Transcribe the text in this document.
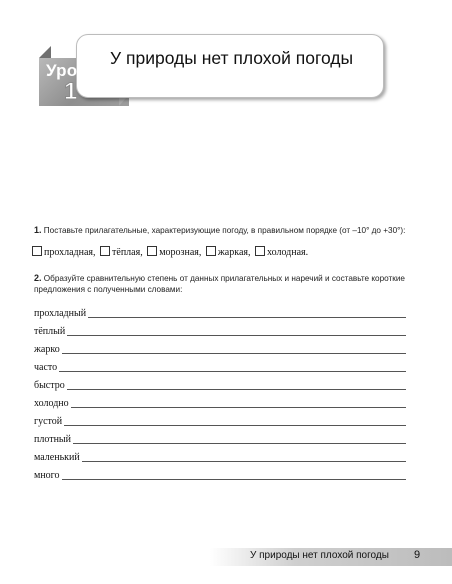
Урок
1
У природы нет плохой погоды
1. Поставьте прилагательные, характеризующие погоду, в правильном порядке (от –10° до +30°):
прохладная, тёплая, морозная, жаркая, холодная.
2. Образуйте сравнительную степень от данных прилагательных и наречий и составьте короткие
предложения с полученными словами:
прохладный
тёплый
жарко
часто
быстро
холодно
густой
плотный
маленький
много
У природы нет плохой погоды 9
